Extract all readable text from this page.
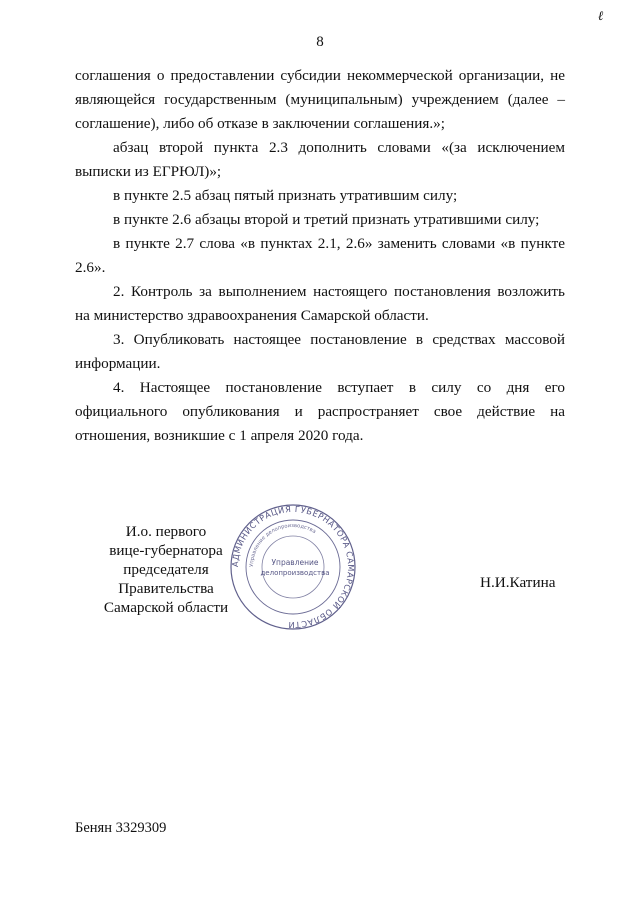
ℓ
8

соглашения о предоставлении субсидии некоммерческой организации, не являющейся государственным (муниципальным) учреждением (далее – соглашение), либо об отказе в заключении соглашения.»;

абзац второй пункта 2.3 дополнить словами «(за исключением выписки из ЕГРЮЛ)»;

в пункте 2.5 абзац пятый признать утратившим силу;

в пункте 2.6 абзацы второй и третий признать утратившими силу;

в пункте 2.7 слова «в пунктах 2.1, 2.6» заменить словами «в пункте 2.6».

2. Контроль за выполнением настоящего постановления возложить на министерство здравоохранения Самарской области.

3. Опубликовать настоящее постановление в средствах массовой информации.

4. Настоящее постановление вступает в силу со дня его официального опубликования и распространяет свое действие на отношения, возникшие с 1 апреля 2020 года.

И.о. первого
вице-губернатора
председателя Правительства
Самарской области
АДМИНИСТРАЦИЯ ГУБЕРНАТОРА САМАРСКОЙ ОБЛАСТИ
Управление делопроизводства
Управление
делопроизводства
Н.И.Катина
Бенян 3329309
